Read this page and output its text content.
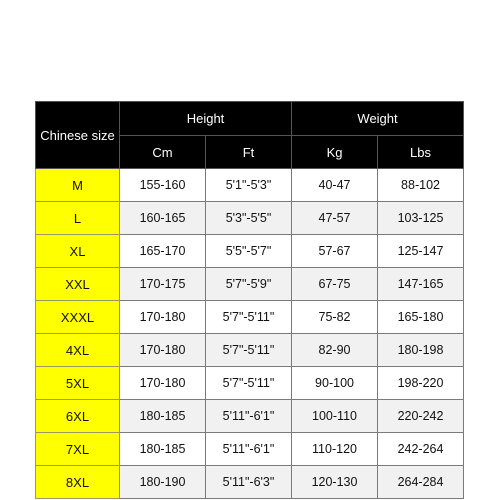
Chinese size	Height		Weight	
	Cm	Ft	Kg	Lbs
M	155-160	5'1"-5'3"	40-47	88-102
L	160-165	5'3"-5'5"	47-57	103-125
XL	165-170	5'5"-5'7"	57-67	125-147
XXL	170-175	5'7"-5'9"	67-75	147-165
XXXL	170-180	5'7"-5'11"	75-82	165-180
4XL	170-180	5'7"-5'11"	82-90	180-198
5XL	170-180	5'7"-5'11"	90-100	198-220
6XL	180-185	5'11"-6'1"	100-110	220-242
7XL	180-185	5'11"-6'1"	110-120	242-264
8XL	180-190	5'11"-6'3"	120-130	264-284
